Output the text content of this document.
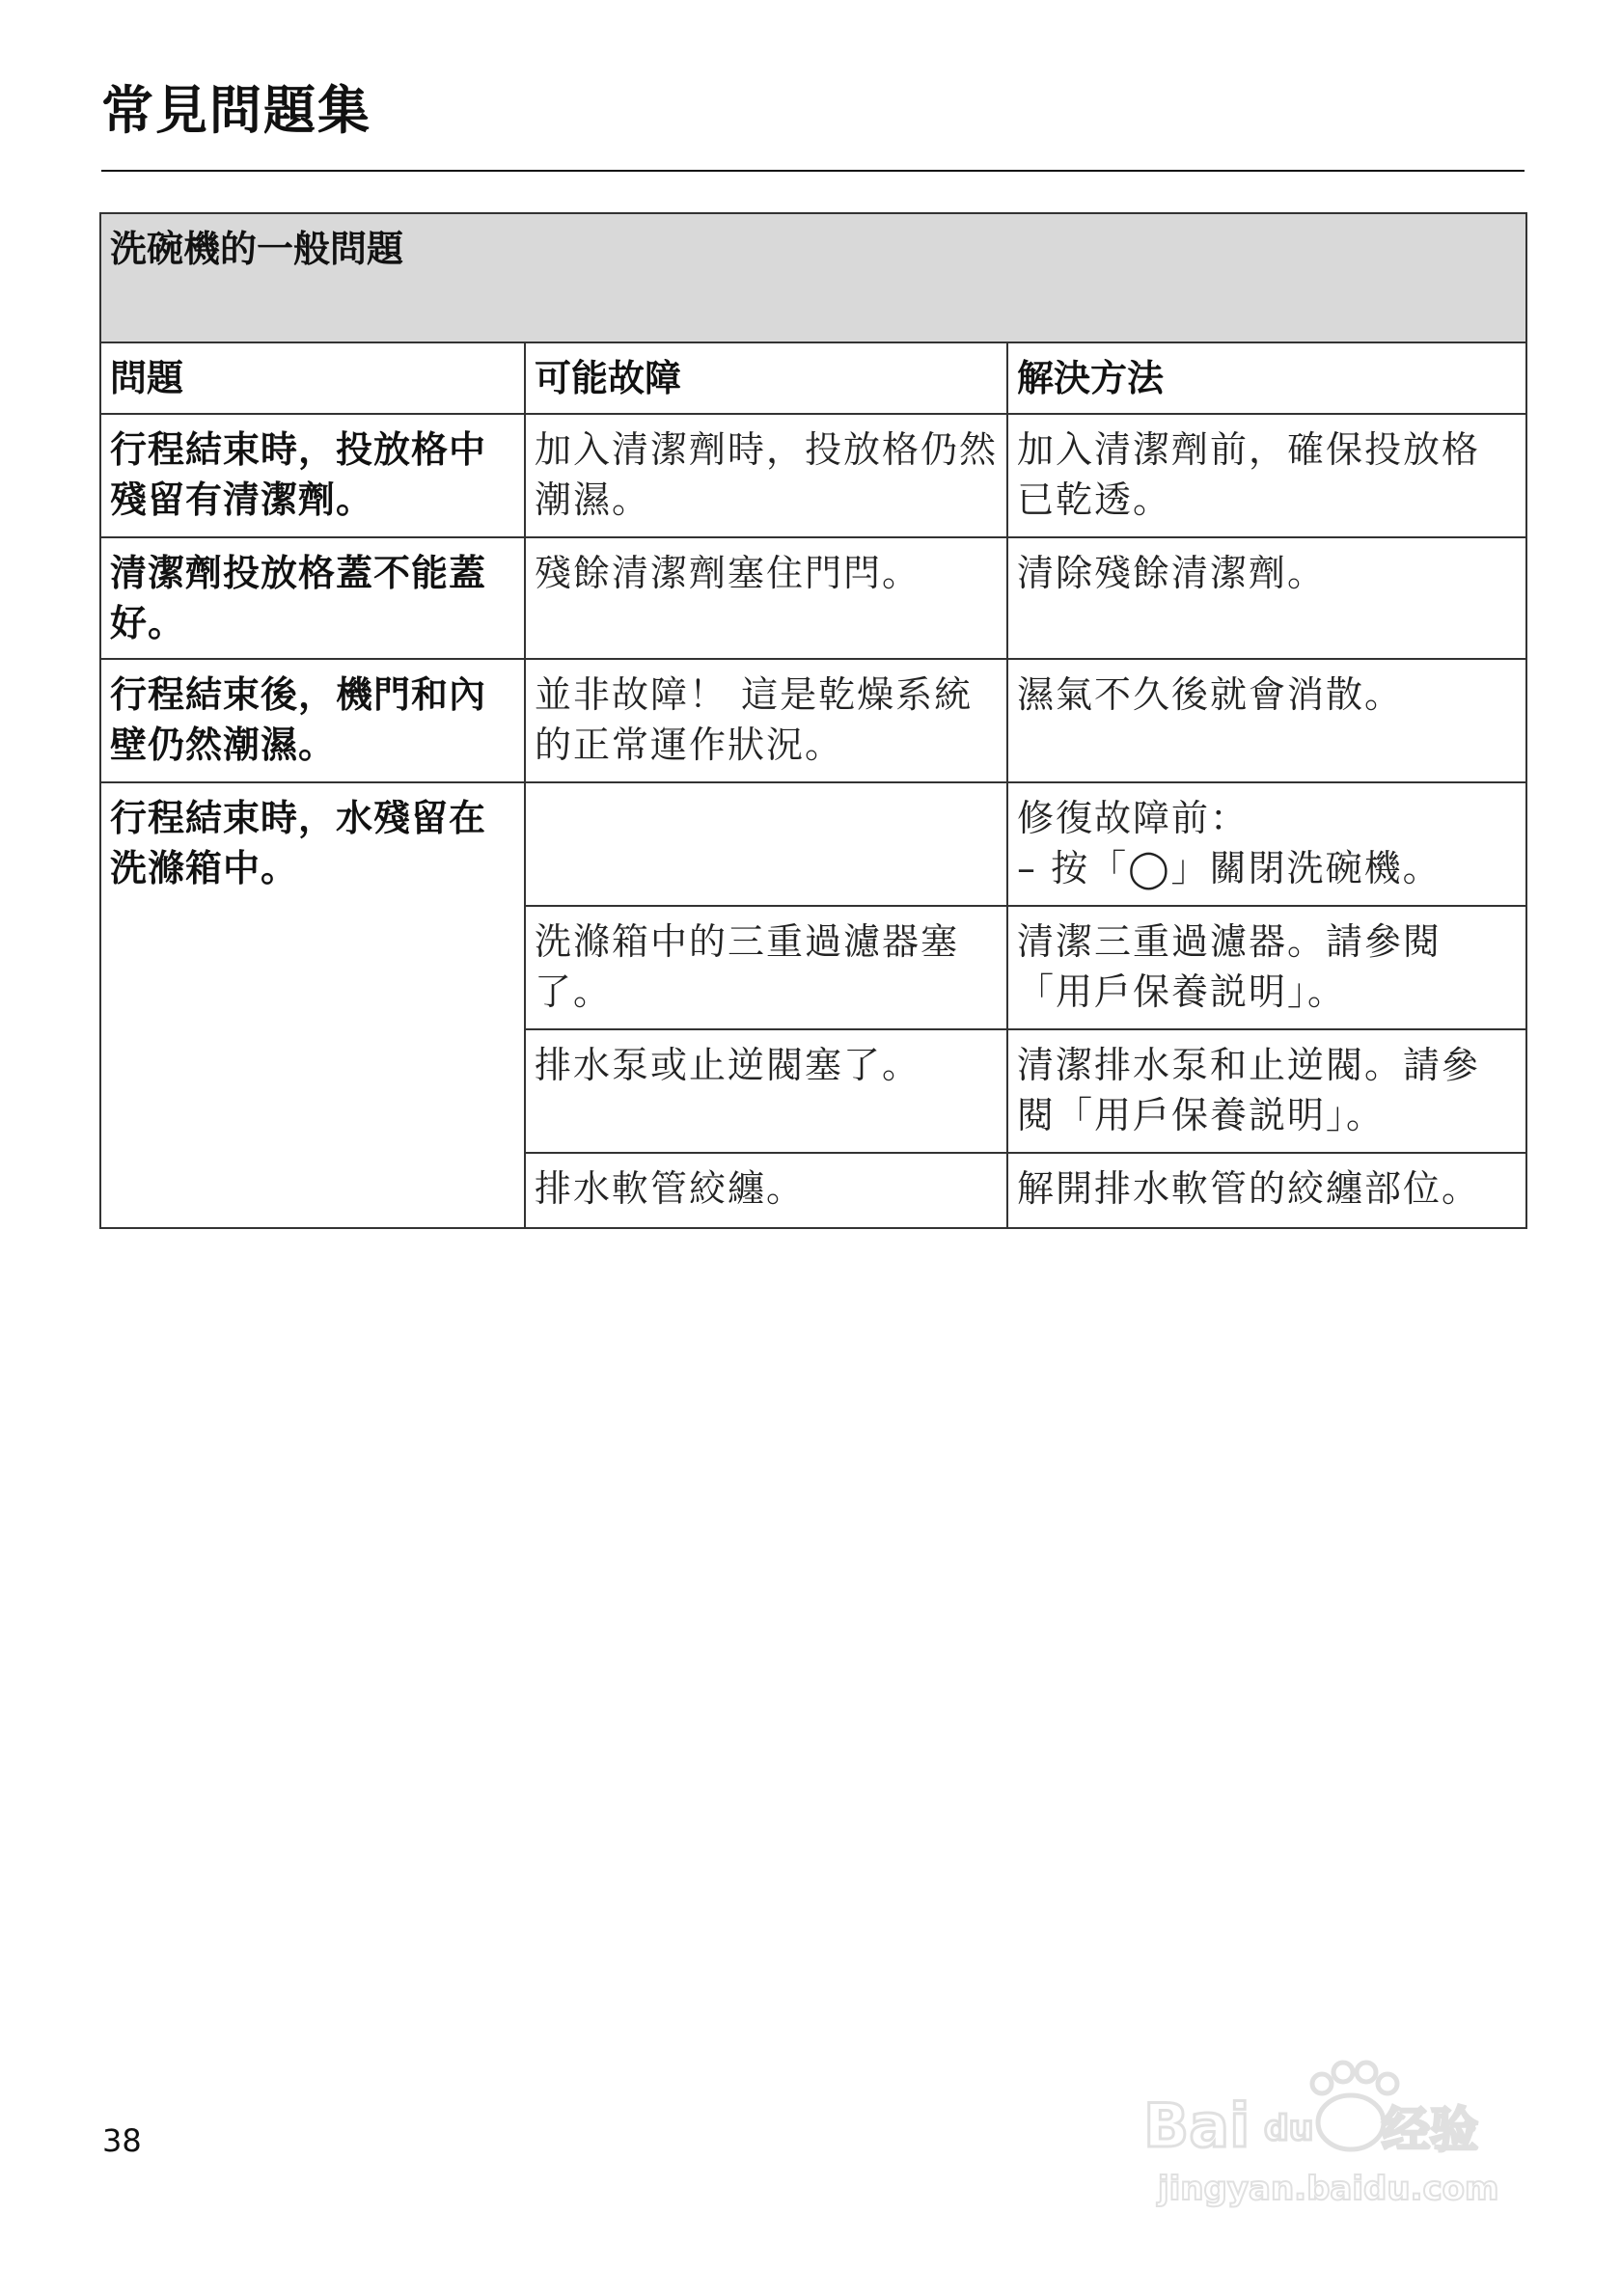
常見問題集
洗碗機的一般問題		
問題	可能故障	解決方法
行程結束時，投放格中殘留有清潔劑。	加入清潔劑時，投放格仍然潮濕。	加入清潔劑前，確保投放格已乾透。
清潔劑投放格蓋不能蓋好。	殘餘清潔劑塞住門閂。	清除殘餘清潔劑。
行程結束後，機門和內壁仍然潮濕。	並非故障！ 這是乾燥系統的正常運作狀況。	濕氣不久後就會消散。
行程結束時，水殘留在洗滌箱中。		修復故障前：
– 按「◯」關閉洗碗機。

	洗滌箱中的三重過濾器塞了。	清潔三重過濾器。請參閱「用戶保養説明」。
	排水泵或止逆閥塞了。	清潔排水泵和止逆閥。請參閱「用戶保養説明」。
	排水軟管絞纏。	解開排水軟管的絞纏部位。
38	Bai	经验
du
jingyan.baidu.com
